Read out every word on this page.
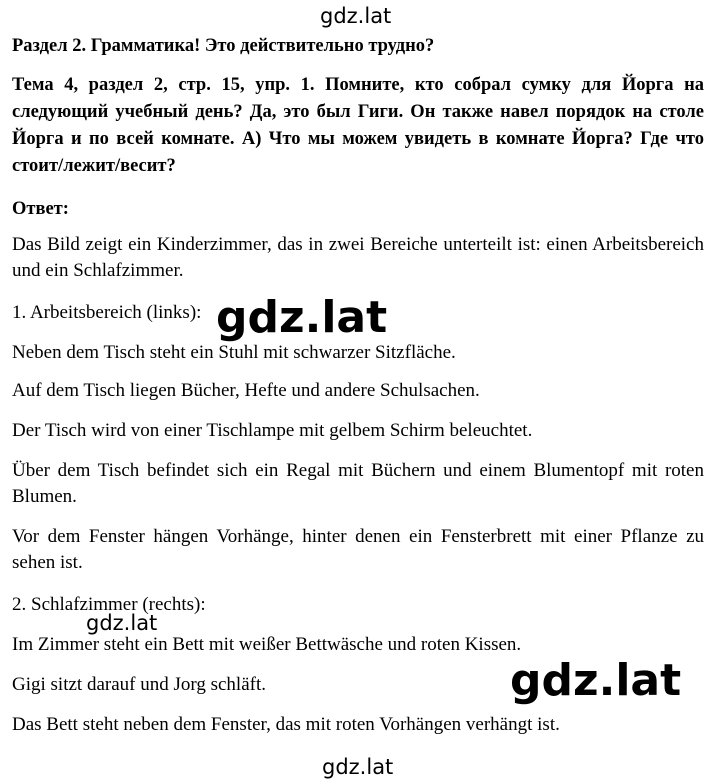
gdz.lat

Раздел 2. Грамматика! Это действительно трудно?

Тема 4, раздел 2, стр. 15, упр. 1. Помните, кто собрал сумку для Йорга на следующий учебный день? Да, это был Гиги. Он также навел порядок на столе Йорга и по всей комнате. А) Что мы можем увидеть в комнате Йорга? Где что стоит/лежит/весит?

Ответ:

Das Bild zeigt ein Kinderzimmer, das in zwei Bereiche unterteilt ist: einen Arbeitsbereich und ein Schlafzimmer.

1. Arbeitsbereich (links):

Neben dem Tisch steht ein Stuhl mit schwarzer Sitzfläche.

Auf dem Tisch liegen Bücher, Hefte und andere Schulsachen.

Der Tisch wird von einer Tischlampe mit gelbem Schirm beleuchtet.

Über dem Tisch befindet sich ein Regal mit Büchern und einem Blumentopf mit roten Blumen.

Vor dem Fenster hängen Vorhänge, hinter denen ein Fensterbrett mit einer Pflanze zu sehen ist.

2. Schlafzimmer (rechts):

Im Zimmer steht ein Bett mit weißer Bettwäsche und roten Kissen.

Gigi sitzt darauf und Jorg schläft.

Das Bett steht neben dem Fenster, das mit roten Vorhängen verhängt ist.

gdz.lat
gdz.lat
gdz.lat
gdz.lat
